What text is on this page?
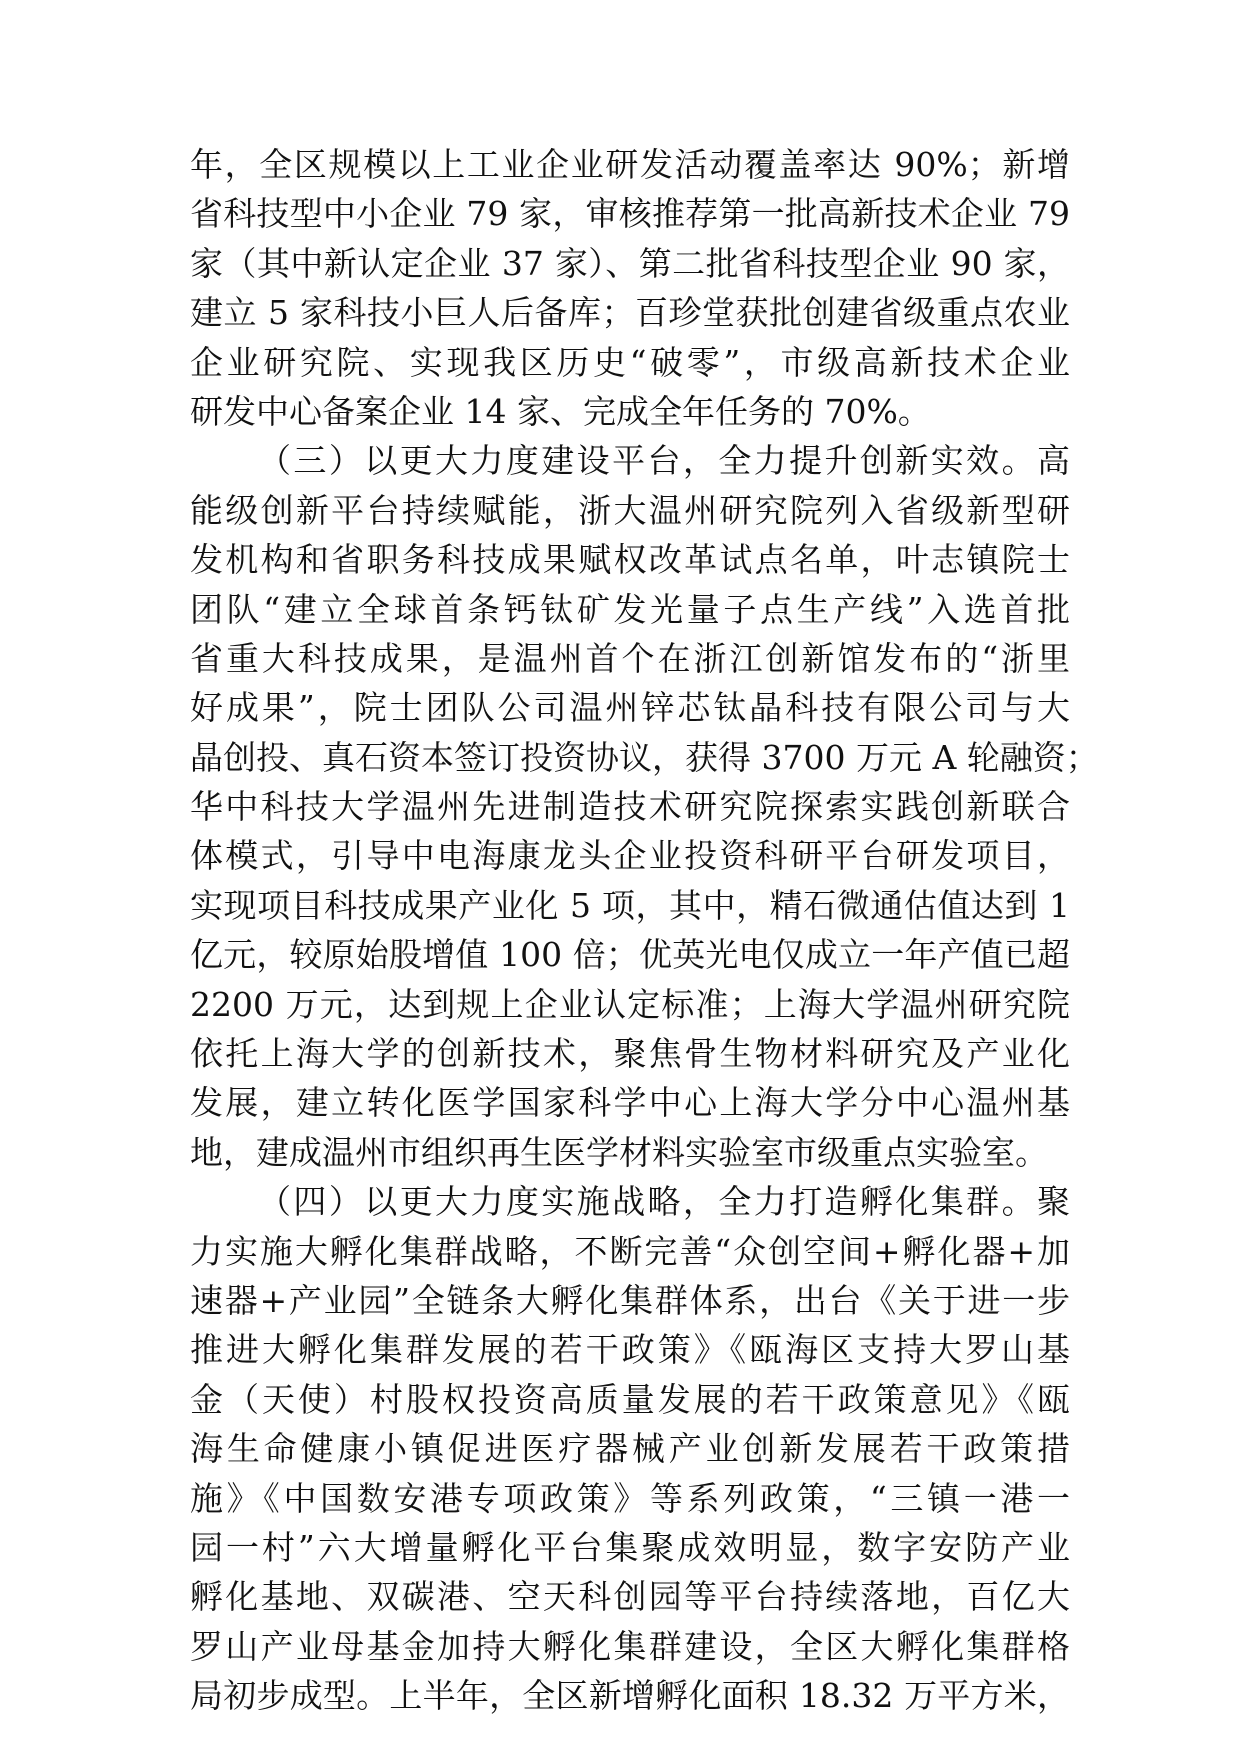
年，全区规模以上工业企业研发活动覆盖率达 90%；新增
省科技型中小企业 79 家，审核推荐第一批高新技术企业 79
家（其中新认定企业 37 家）、第二批省科技型企业 90 家，
建立 5 家科技小巨人后备库；百珍堂获批创建省级重点农业
企业研究院、实现我区历史“破零”，市级高新技术企业
研发中心备案企业 14 家、完成全年任务的 70%。
（三）以更大力度建设平台，全力提升创新实效。高
能级创新平台持续赋能，浙大温州研究院列入省级新型研
发机构和省职务科技成果赋权改革试点名单，叶志镇院士
团队“建立全球首条钙钛矿发光量子点生产线”入选首批
省重大科技成果，是温州首个在浙江创新馆发布的“浙里
好成果”，院士团队公司温州锌芯钛晶科技有限公司与大
晶创投、真石资本签订投资协议，获得 3700 万元 A 轮融资；
华中科技大学温州先进制造技术研究院探索实践创新联合
体模式，引导中电海康龙头企业投资科研平台研发项目，
实现项目科技成果产业化 5 项，其中，精石微通估值达到 1
亿元，较原始股增值 100 倍；优英光电仅成立一年产值已超
2200 万元，达到规上企业认定标准；上海大学温州研究院
依托上海大学的创新技术，聚焦骨生物材料研究及产业化
发展，建立转化医学国家科学中心上海大学分中心温州基
地，建成温州市组织再生医学材料实验室市级重点实验室。
（四）以更大力度实施战略，全力打造孵化集群。聚
力实施大孵化集群战略，不断完善“众创空间+孵化器+加
速器+产业园”全链条大孵化集群体系，出台《关于进一步
推进大孵化集群发展的若干政策》《瓯海区支持大罗山基
金（天使）村股权投资高质量发展的若干政策意见》《瓯
海生命健康小镇促进医疗器械产业创新发展若干政策措
施》《中国数安港专项政策》等系列政策，“三镇一港一
园一村”六大增量孵化平台集聚成效明显，数字安防产业
孵化基地、双碳港、空天科创园等平台持续落地，百亿大
罗山产业母基金加持大孵化集群建设，全区大孵化集群格
局初步成型。上半年，全区新增孵化面积 18.32 万平方米，
